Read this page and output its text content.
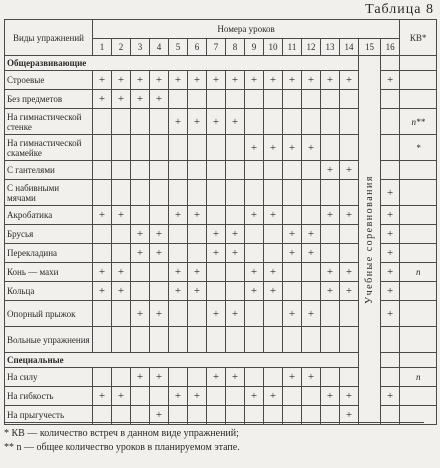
Таблица 8
Виды упражнений	Номера уроков																КВ*
	1	2	3	4	5	6	7	8	9	10	11	12	13	14	15	16	
Общеразвивающие															Учебные соревнования		
Строевые	+	+	+	+	+	+	+	+	+	+	+	+	+	+		+	
Без предметов	+	+	+	+													
На гимнастической стенке					+	+	+	+									n**
На гимнастической скамейке									+	+	+	+					*
С гантелями													+	+			
С набивными мячами																+	
Акробатика	+	+			+	+			+	+			+	+		+	
Брусья			+	+			+	+			+	+				+	
Перекладина			+	+			+	+			+	+				+	
Конь — махи	+	+			+	+			+	+			+	+		+	n
Кольца	+	+			+	+			+	+			+	+		+	
Опорный прыжок			+	+			+	+			+	+				+	
Вольные упражнения																	
Специальные																	
На силу			+	+			+	+			+	+					n
На гибкость	+	+			+	+			+	+			+	+		+	
На прыгучесть				+										+			
* КВ — количество встреч в данном виде упражнений;
** n — общее количество уроков в планируемом этапе.
